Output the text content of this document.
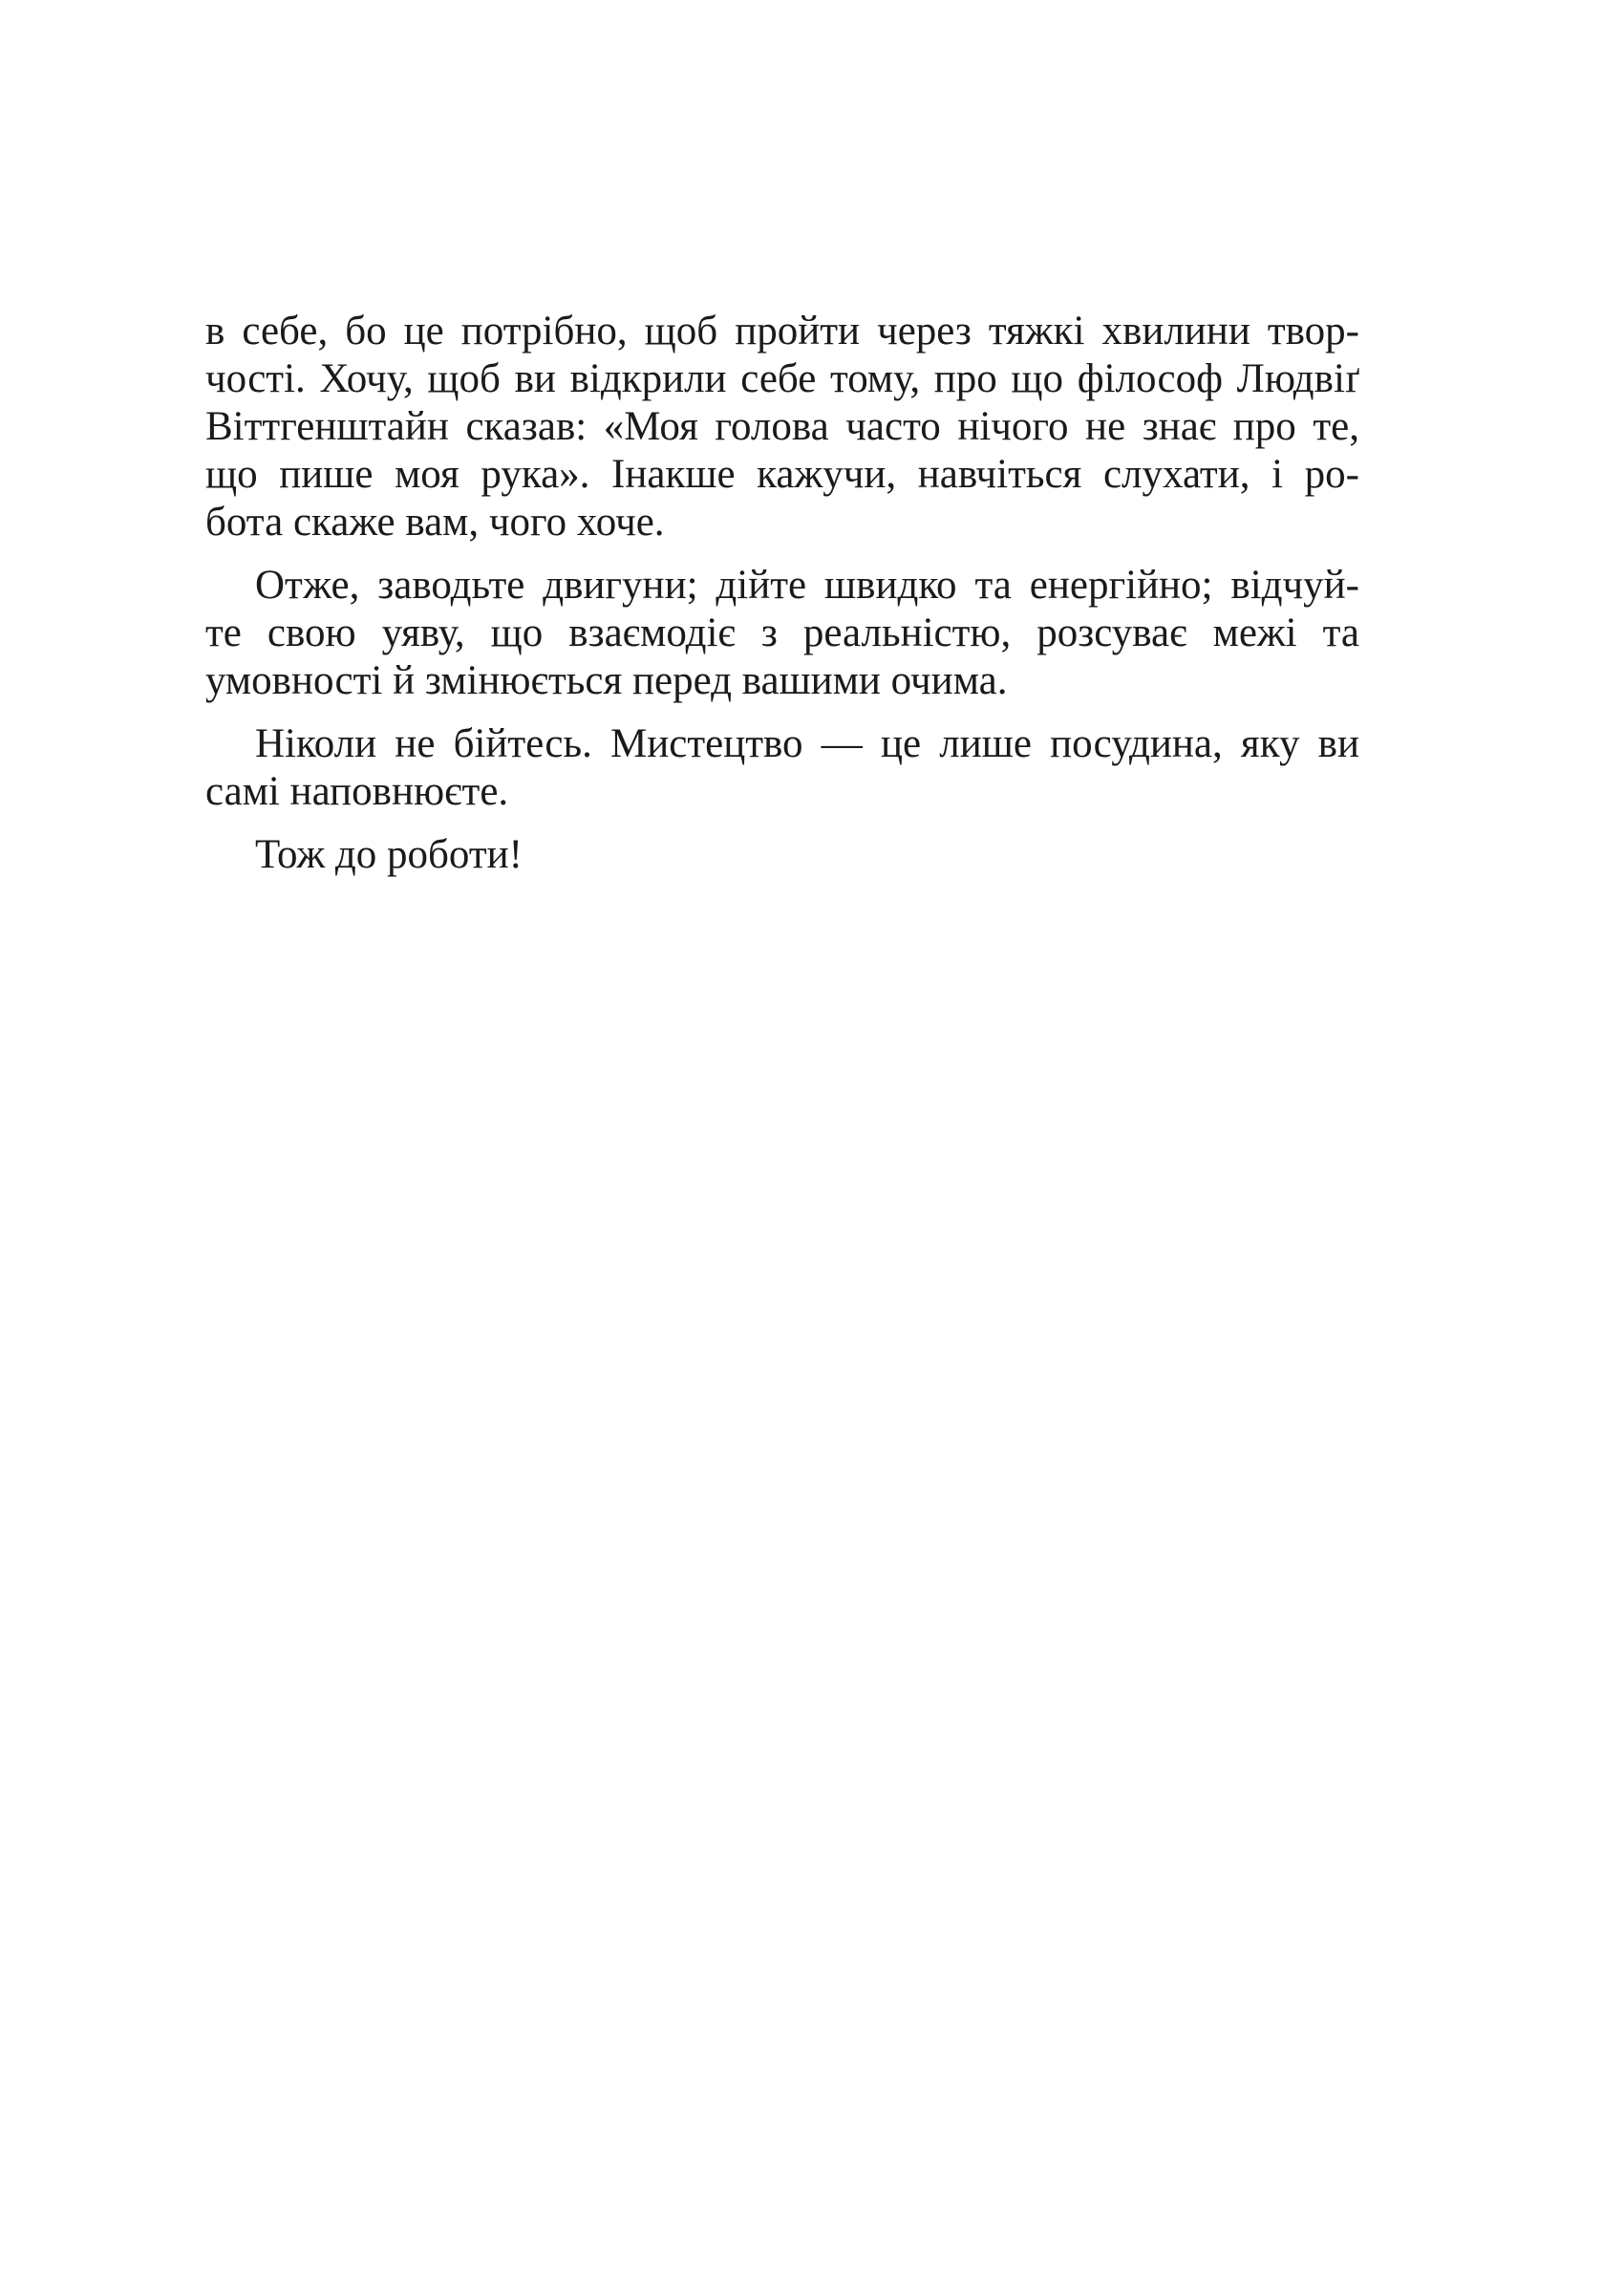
в себе, бо це потрібно, щоб пройти через тяжкі хвилини твор-
чості. Хочу, щоб ви відкрили себе тому, про що філософ Людвіґ
Віттгенштайн сказав: «Моя голова часто нічого не знає про те,
що пише моя рука». Інакше кажучи, навчіться слухати, і ро-
бота скаже вам, чого хоче.
Отже, заводьте двигуни; дійте швидко та енергійно; відчуй-
те свою уяву, що взаємодіє з реальністю, розсуває межі та
умовності й змінюється перед вашими очима.
Ніколи не бійтесь. Мистецтво — це лише посудина, яку ви
самі наповнюєте.
Тож до роботи!
